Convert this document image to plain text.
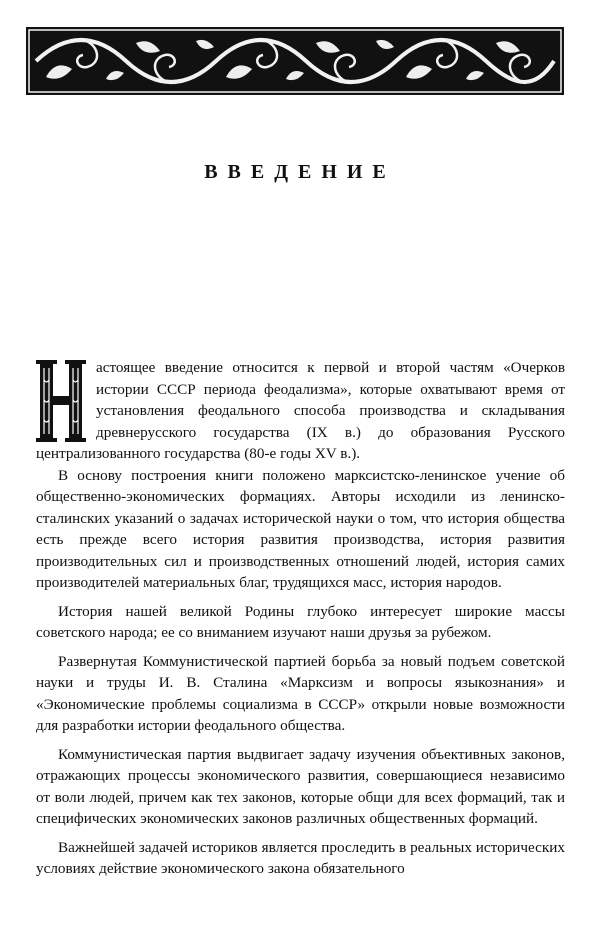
ВВЕДЕНИЕ

астоящее введение относится к первой и второй частям «Очерков истории СССР периода феодализма», которые охватывают время от установления феодального способа производства и складывания древнерусского государства (IX в.) до образования Русского централизованного государства (80-е годы XV в.).

В основу построения книги положено марксистско-ленинское учение об общественно-экономических формациях. Авторы исходили из ленинско-сталинских указаний о задачах исторической науки о том, что история общества есть прежде всего история развития производства, история развития производительных сил и производственных отношений людей, история самих производителей материальных благ, трудящихся масс, история народов.

История нашей великой Родины глубоко интересует широкие массы советского народа; ее со вниманием изучают наши друзья за рубежом.

Развернутая Коммунистической партией борьба за новый подъем советской науки и труды И. В. Сталина «Марксизм и вопросы языкознания» и «Экономические проблемы социализма в СССР» открыли новые возможности для разработки истории феодального общества.

Коммунистическая партия выдвигает задачу изучения объективных законов, отражающих процессы экономического развития, совершающиеся независимо от воли людей, причем как тех законов, которые общи для всех формаций, так и специфических экономических законов различных общественных формаций.

Важнейшей задачей историков является проследить в реальных исторических условиях действие экономического закона обязательного
